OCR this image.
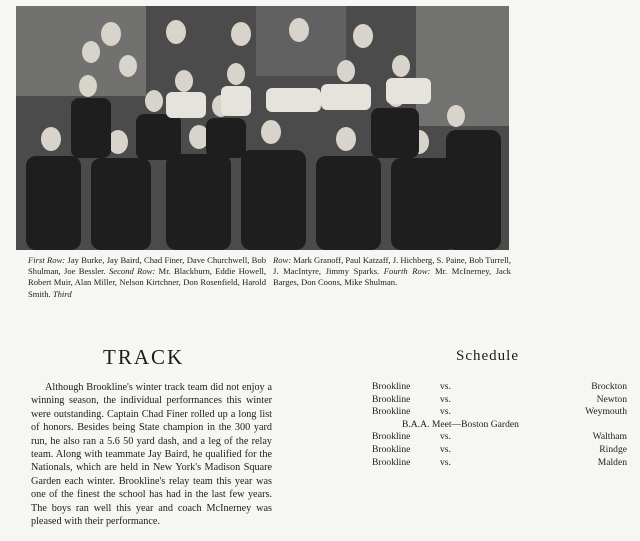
First Row: Jay Burke, Jay Baird, Chad Finer, Dave Churchwell, Bob Shulman, Joe Bessler. Second Row: Mr. Blackburn, Eddie Howell, Robert Muir, Alan Miller, Nelson Kirtchner, Don Rosenfield, Harold Smith. Third
Row: Mark Granoff, Paul Katzaff, J. Hichberg, S. Paine, Bob Turrell, J. MacIntyre, Jimmy Sparks. Fourth Row: Mr. McInerney, Jack Barges, Don Coons, Mike Shulman.
TRACK
Although Brookline's winter track team did not enjoy a winning season, the individual performances this winter were outstanding. Captain Chad Finer rolled up a long list of honors. Besides being State champion in the 300 yard run, he also ran a 5.6 50 yard dash, and a leg of the relay team. Along with teammate Jay Baird, he qualified for the Nationals, which are held in New York's Madison Square Garden each winter. Brookline's relay team this year was one of the finest the school has had in the last few years. The boys ran well this year and coach McInerney was pleased with their performance.
Schedule
Brookline	vs.	Brockton
Brookline	vs.	Newton
Brookline	vs.	Weymouth
B.A.A. Meet—Boston Garden
Brookline	vs.	Waltham
Brookline	vs.	Rindge
Brookline	vs.	Malden
